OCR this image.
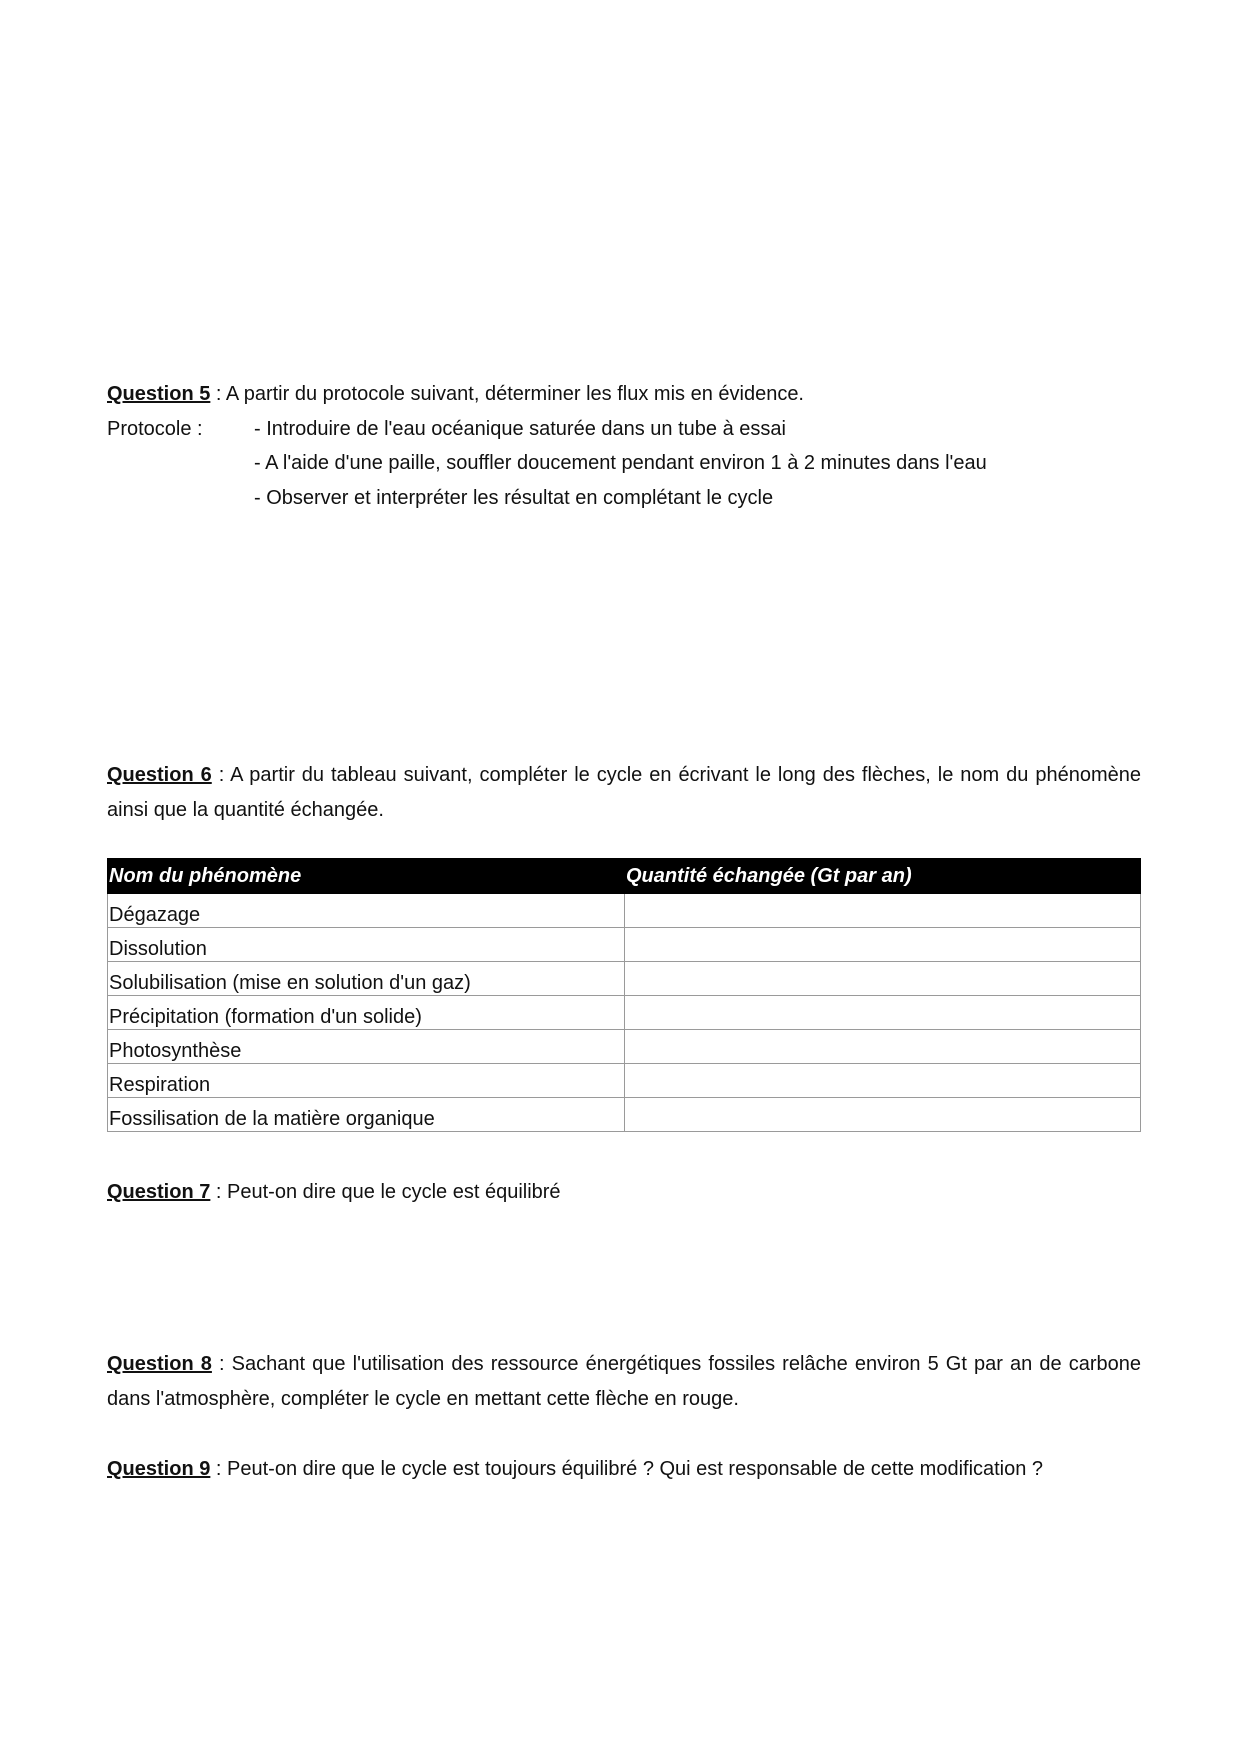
Question 5 : A partir du protocole suivant, déterminer les flux mis en évidence.
Protocole :	- Introduire de l'eau océanique saturée dans un tube à essai
- A l'aide d'une paille, souffler doucement pendant environ 1 à 2 minutes dans l'eau
- Observer et interpréter les résultat en complétant le cycle
Question 6 : A partir du tableau suivant, compléter le cycle en écrivant le long des flèches, le nom du phénomène ainsi que la quantité échangée.
Nom du phénomène	Quantité échangée (Gt par an)
Dégazage	
Dissolution	
Solubilisation (mise en solution d'un gaz)	
Précipitation (formation d'un solide)	
Photosynthèse	
Respiration	
Fossilisation de la matière organique	
Question 7 : Peut-on dire que le cycle est équilibré
Question 8 : Sachant que l'utilisation des ressource énergétiques fossiles relâche environ 5 Gt par an de carbone dans l'atmosphère, compléter le cycle en mettant cette flèche en rouge.
Question 9 : Peut-on dire que le cycle est toujours équilibré ? Qui est responsable de cette modification ?
